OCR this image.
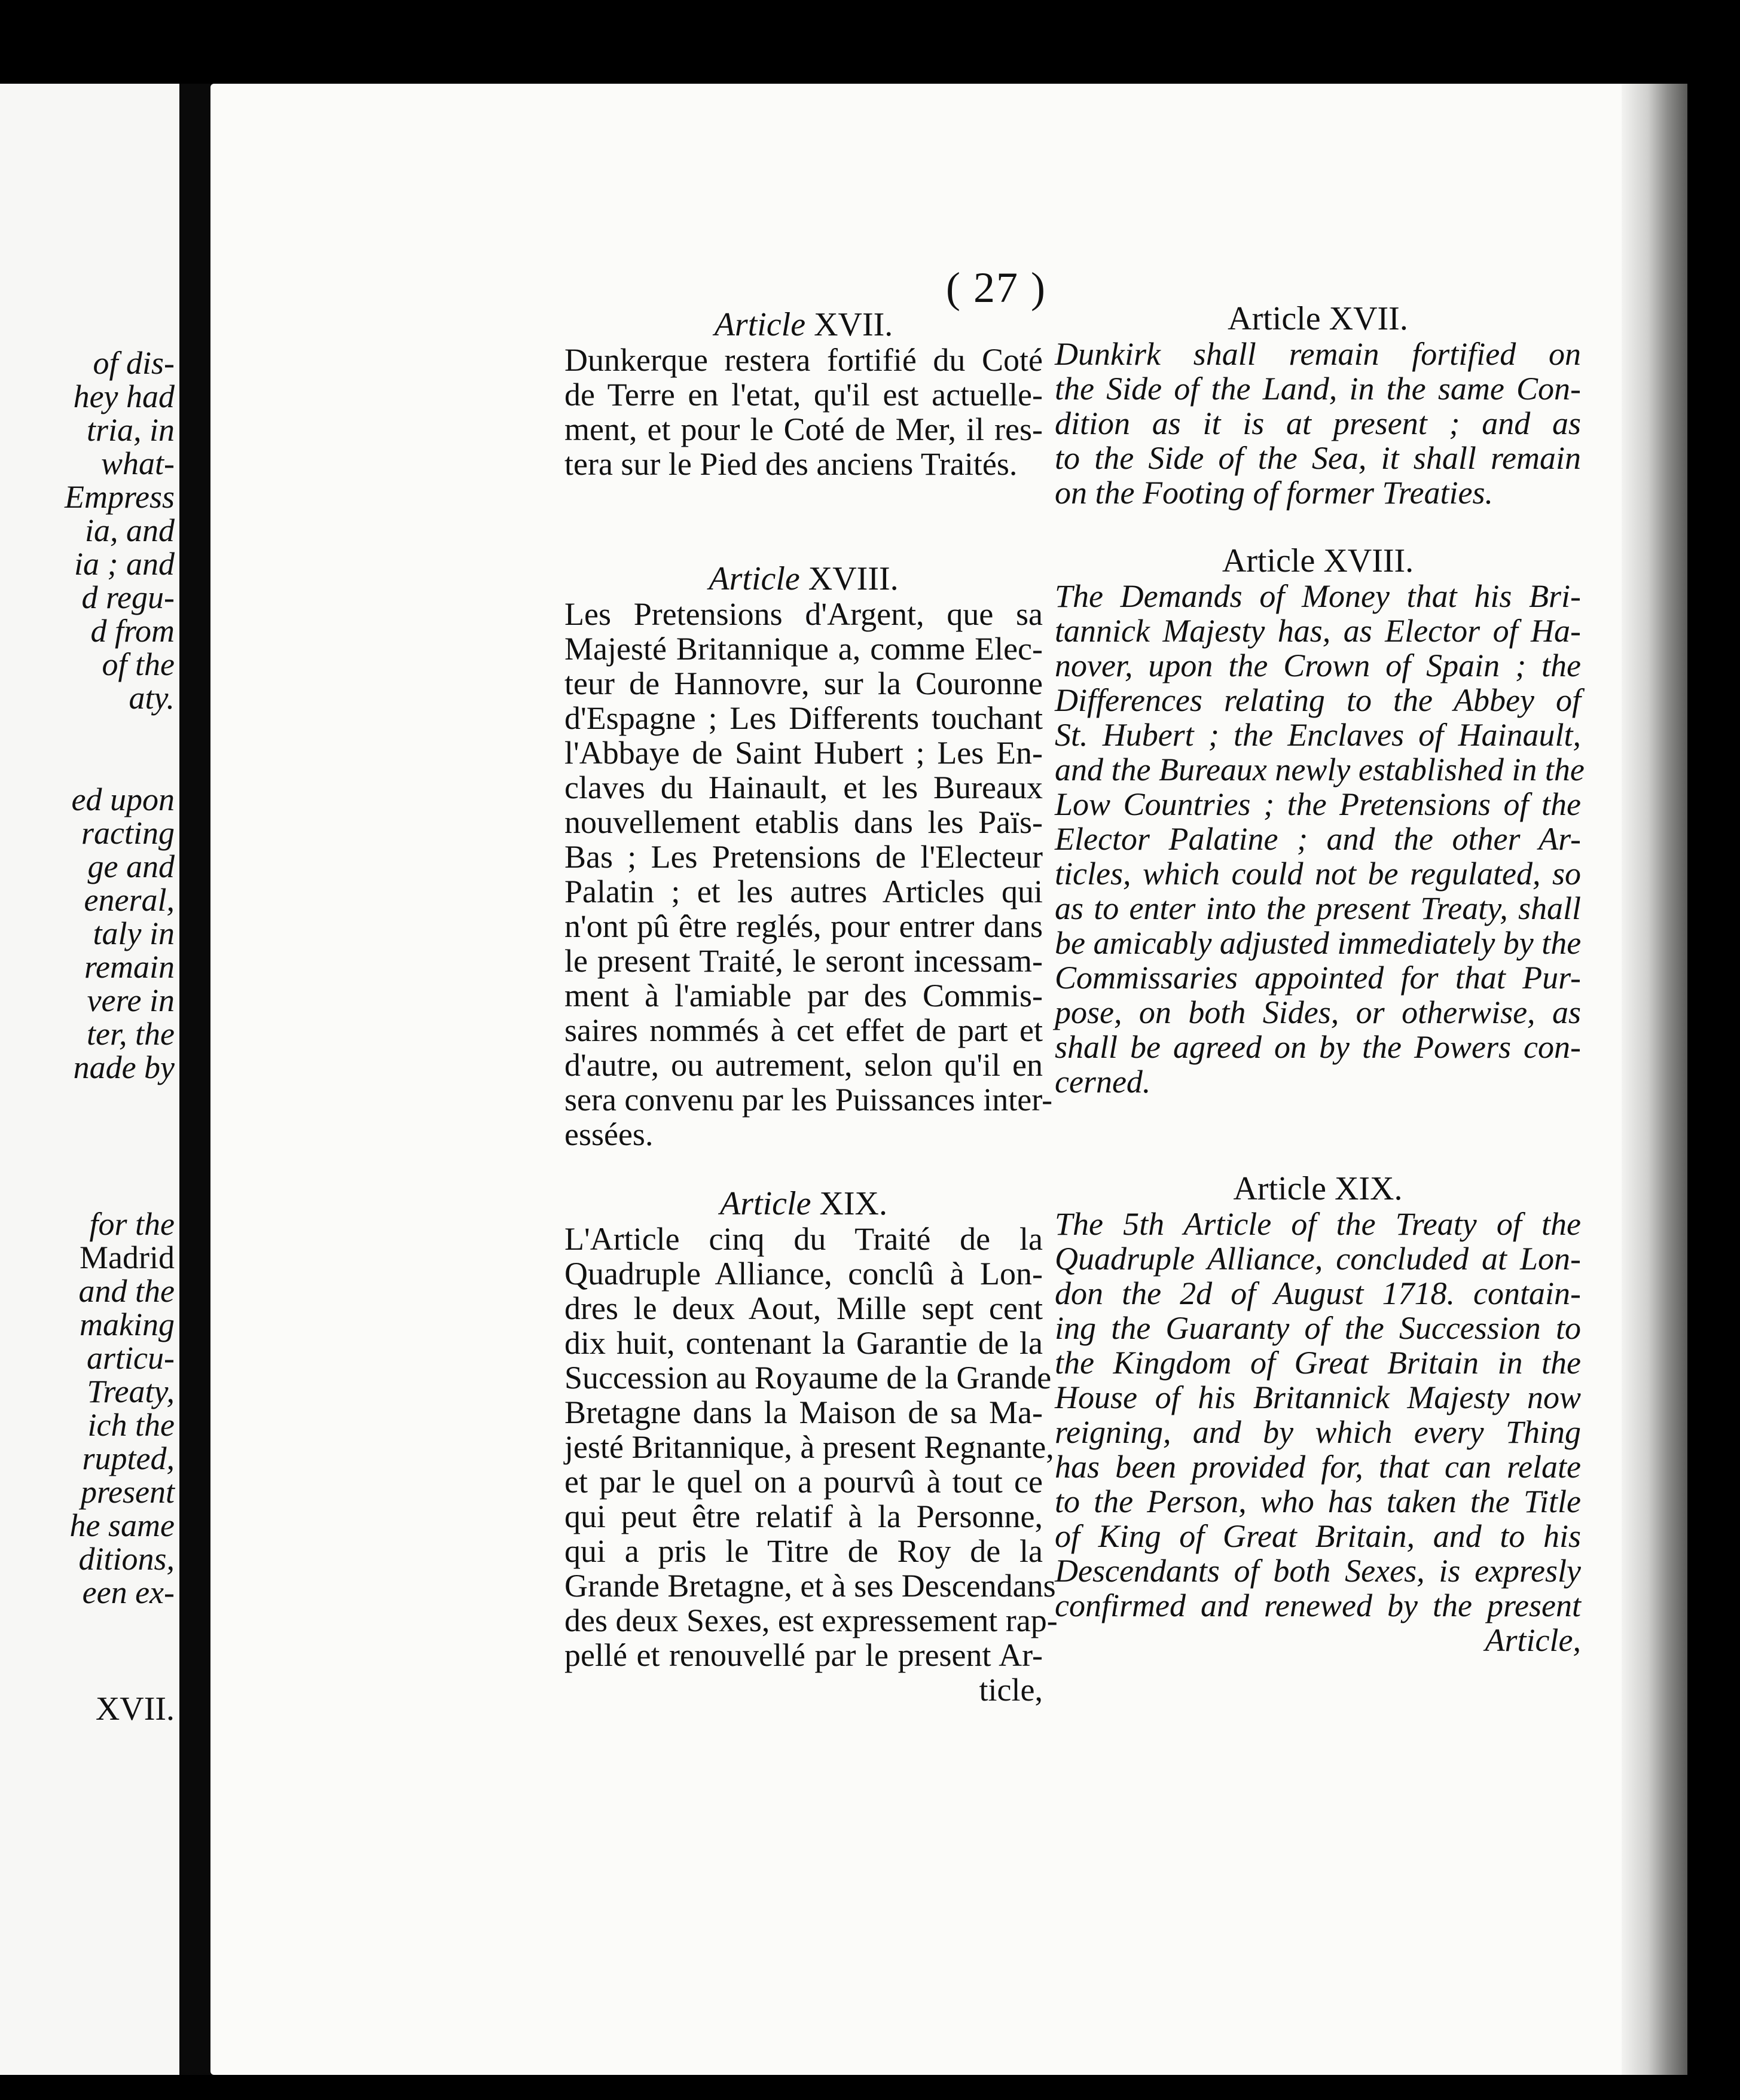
of dis-
hey had
tria, in
what-
Empress
ia, and
ia ; and
d regu-
d from
of the
aty.
ed upon
racting
ge and
eneral,
taly in
remain
vere in
ter, the
nade by
for the
Madrid
and the
making
articu-
Treaty,
ich the
rupted,
present
he same
ditions,
een ex-
XVII.
( 27 )
Article XVII.
Dunkerque restera fortifié du Coté
de Terre en l'etat, qu'il est actuelle-
ment, et pour le Coté de Mer, il res-
tera sur le Pied des anciens Traités.
Article XVIII.
Les Pretensions d'Argent, que sa
Majesté Britannique a, comme Elec-
teur de Hannovre, sur la Couronne
d'Espagne ; Les Differents touchant
l'Abbaye de Saint Hubert ; Les En-
claves du Hainault, et les Bureaux
nouvellement etablis dans les Païs-
Bas ; Les Pretensions de l'Electeur
Palatin ; et les autres Articles qui
n'ont pû être reglés, pour entrer dans
le present Traité, le seront incessam-
ment à l'amiable par des Commis-
saires nommés à cet effet de part et
d'autre, ou autrement, selon qu'il en
sera convenu par les Puissances inter-
essées.
Article XIX.
L'Article cinq du Traité de la
Quadruple Alliance, conclû à Lon-
dres le deux Aout, Mille sept cent
dix huit, contenant la Garantie de la
Succession au Royaume de la Grande
Bretagne dans la Maison de sa Ma-
jesté Britannique, à present Regnante,
et par le quel on a pourvû à tout ce
qui peut être relatif à la Personne,
qui a pris le Titre de Roy de la
Grande Bretagne, et à ses Descendans
des deux Sexes, est expressement rap-
pellé et renouvellé par le present Ar-
ticle,
Article XVII.
Dunkirk shall remain fortified on
the Side of the Land, in the same Con-
dition as it is at present ; and as
to the Side of the Sea, it shall remain
on the Footing of former Treaties.
Article XVIII.
The Demands of Money that his Bri-
tannick Majesty has, as Elector of Ha-
nover, upon the Crown of Spain ; the
Differences relating to the Abbey of
St. Hubert ; the Enclaves of Hainault,
and the Bureaux newly established in the
Low Countries ; the Pretensions of the
Elector Palatine ; and the other Ar-
ticles, which could not be regulated, so
as to enter into the present Treaty, shall
be amicably adjusted immediately by the
Commissaries appointed for that Pur-
pose, on both Sides, or otherwise, as
shall be agreed on by the Powers con-
cerned.
Article XIX.
The 5th Article of the Treaty of the
Quadruple Alliance, concluded at Lon-
don the 2d of August 1718. contain-
ing the Guaranty of the Succession to
the Kingdom of Great Britain in the
House of his Britannick Majesty now
reigning, and by which every Thing
has been provided for, that can relate
to the Person, who has taken the Title
of King of Great Britain, and to his
Descendants of both Sexes, is expresly
confirmed and renewed by the present
Article,
